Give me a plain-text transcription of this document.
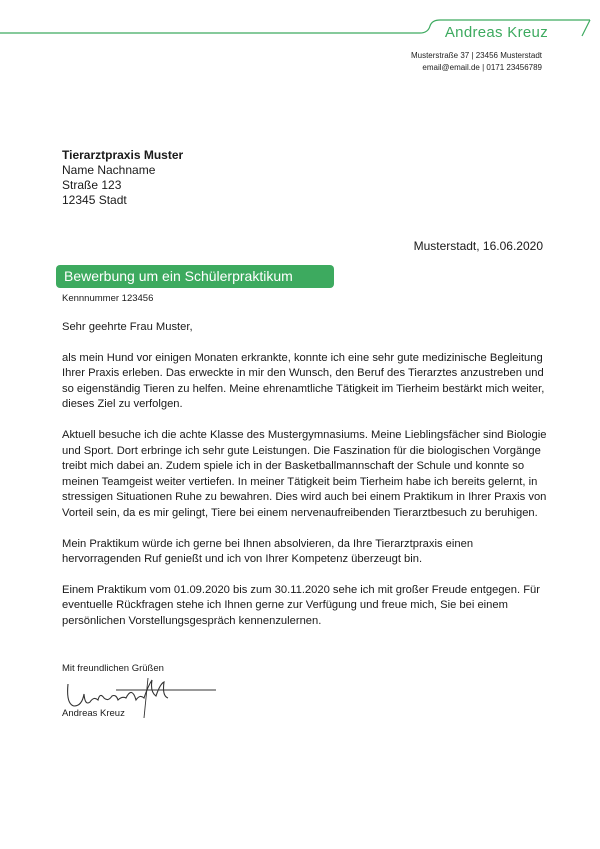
Andreas Kreuz
Musterstraße 37 | 23456 Musterstadt
email@email.de | 0171 23456789
Tierarztpraxis Muster
Name Nachname
Straße 123
12345 Stadt
Musterstadt, 16.06.2020
Bewerbung um ein Schülerpraktikum
Kennnummer 123456

Sehr geehrte Frau Muster,

als mein Hund vor einigen Monaten erkrankte, konnte ich eine sehr gute medizinische Begleitung Ihrer Praxis erleben. Das erweckte in mir den Wunsch, den Beruf des Tierarztes anzustreben und so eigenständig Tieren zu helfen. Meine ehrenamtliche Tätigkeit im Tierheim bestärkt mich weiter, dieses Ziel zu verfolgen.

Aktuell besuche ich die achte Klasse des Mustergymnasiums. Meine Lieblingsfächer sind Biologie und Sport. Dort erbringe ich sehr gute Leistungen. Die Faszination für die biologischen Vorgänge treibt mich dabei an. Zudem spiele ich in der Basketballmannschaft der Schule und konnte so meinen Teamgeist weiter vertiefen. In meiner Tätigkeit beim Tierheim habe ich bereits gelernt, in stressigen Situationen Ruhe zu bewahren. Dies wird auch bei einem Praktikum in Ihrer Praxis von Vorteil sein, da es mir gelingt, Tiere bei einem nervenaufreibenden Tierarztbesuch zu beruhigen.

Mein Praktikum würde ich gerne bei Ihnen absolvieren, da Ihre Tierarztpraxis einen hervorragenden Ruf genießt und ich von Ihrer Kompetenz überzeugt bin.

Einem Praktikum vom 01.09.2020 bis zum 30.11.2020 sehe ich mit großer Freude entgegen. Für eventuelle Rückfragen stehe ich Ihnen gerne zur Verfügung und freue mich, Sie bei einem persönlichen Vorstellungsgespräch kennenzulernen.

Mit freundlichen Grüßen
Andreas Kreuz
